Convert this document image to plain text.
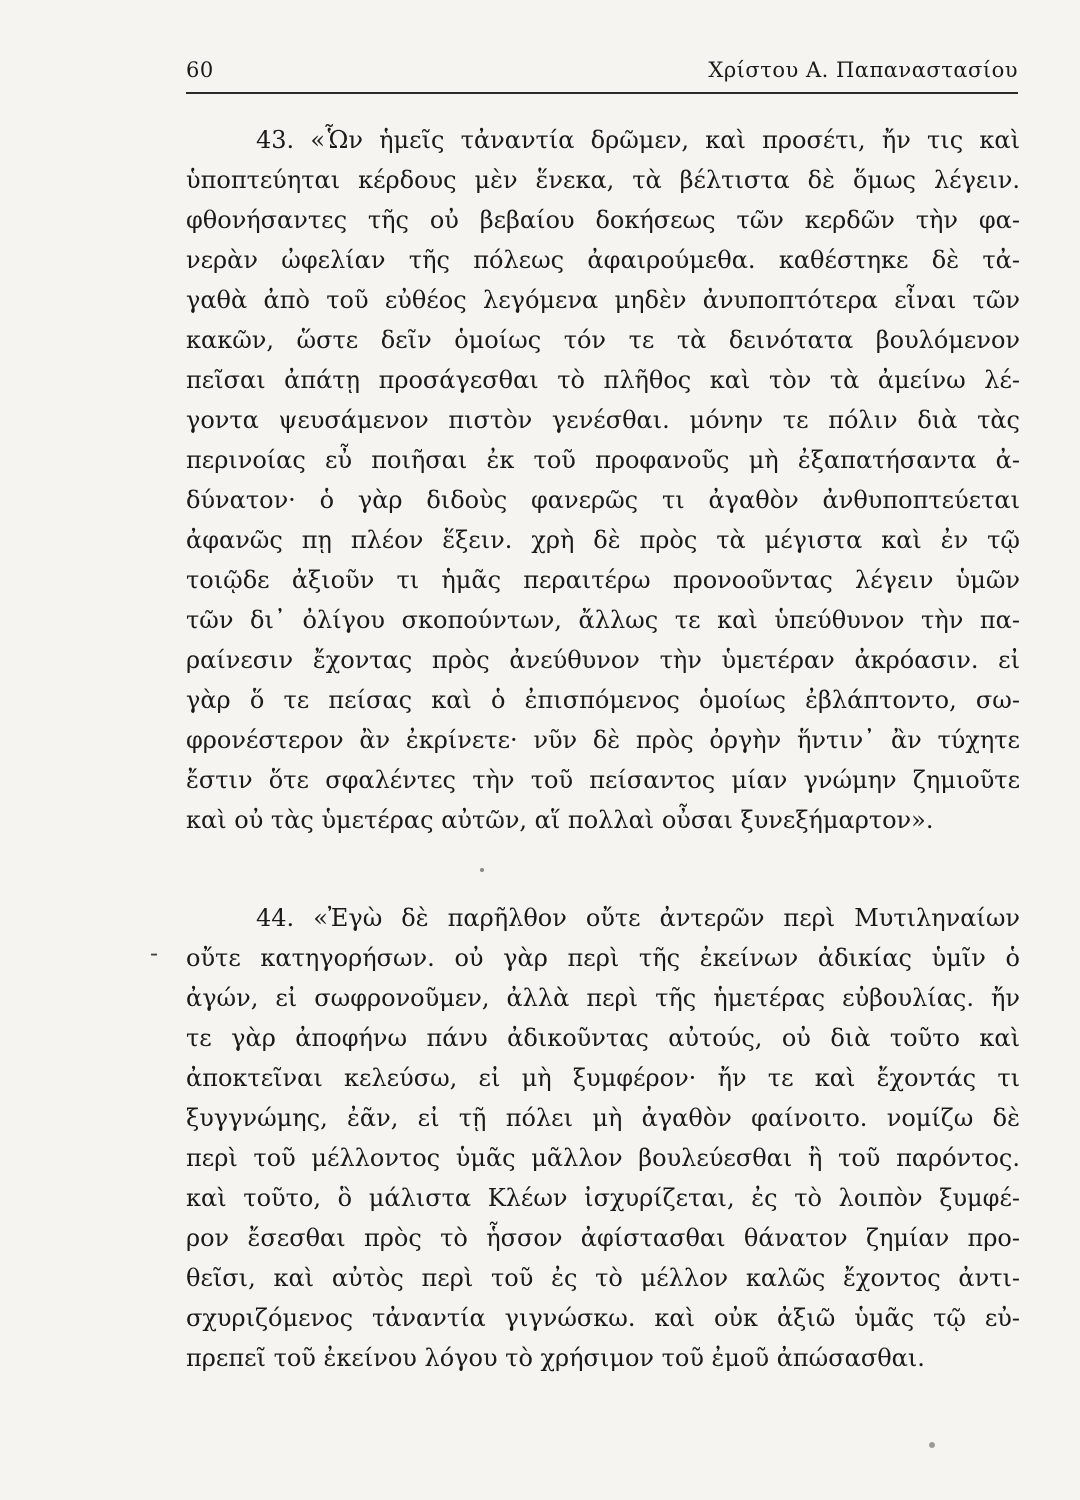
60	Χρίστου Α. Παπαναστασίου
-
43. «Ὧν ἡμεῖς τἀναντία δρῶμεν, καὶ προσέτι, ἤν τις καὶ
ὑποπτεύηται κέρδους μὲν ἕνεκα, τὰ βέλτιστα δὲ ὅμως λέγειν.
φθονήσαντες τῆς οὐ βεβαίου δοκήσεως τῶν κερδῶν τὴν φα-
νερὰν ὠφελίαν τῆς πόλεως ἀφαιρούμεθα. καθέστηκε δὲ τἀ-
γαθὰ ἀπὸ τοῦ εὐθέος λεγόμενα μηδὲν ἀνυποπτότερα εἶναι τῶν
κακῶν, ὥστε δεῖν ὁμοίως τόν τε τὰ δεινότατα βουλόμενον
πεῖσαι ἀπάτῃ προσάγεσθαι τὸ πλῆθος καὶ τὸν τὰ ἀμείνω λέ-
γοντα ψευσάμενον πιστὸν γενέσθαι. μόνην τε πόλιν διὰ τὰς
περινοίας εὖ ποιῆσαι ἐκ τοῦ προφανοῦς μὴ ἐξαπατήσαντα ἀ-
δύνατον· ὁ γὰρ διδοὺς φανερῶς τι ἀγαθὸν ἀνθυποπτεύεται
ἀφανῶς πῃ πλέον ἕξειν. χρὴ δὲ πρὸς τὰ μέγιστα καὶ ἐν τῷ
τοιῷδε ἀξιοῦν τι ἡμᾶς περαιτέρω προνοοῦντας λέγειν ὑμῶν
τῶν δι᾽ ὀλίγου σκοπούντων, ἄλλως τε καὶ ὑπεύθυνον τὴν πα-
ραίνεσιν ἔχοντας πρὸς ἀνεύθυνον τὴν ὑμετέραν ἀκρόασιν. εἰ
γὰρ ὅ τε πείσας καὶ ὁ ἐπισπόμενος ὁμοίως ἐβλάπτοντο, σω-
φρονέστερον ἂν ἐκρίνετε· νῦν δὲ πρὸς ὀργὴν ἥντιν᾽ ἂν τύχητε
ἔστιν ὅτε σφαλέντες τὴν τοῦ πείσαντος μίαν γνώμην ζημιοῦτε
καὶ οὐ τὰς ὑμετέρας αὐτῶν, αἵ πολλαὶ οὖσαι ξυνεξήμαρτον».
44. «Ἐγὼ δὲ παρῆλθον οὔτε ἀντερῶν περὶ Μυτιληναίων
οὔτε κατηγορήσων. οὐ γὰρ περὶ τῆς ἐκείνων ἀδικίας ὑμῖν ὁ
ἀγών, εἰ σωφρονοῦμεν, ἀλλὰ περὶ τῆς ἡμετέρας εὐβουλίας. ἤν
τε γὰρ ἀποφήνω πάνυ ἀδικοῦντας αὐτούς, οὐ διὰ τοῦτο καὶ
ἀποκτεῖναι κελεύσω, εἰ μὴ ξυμφέρον· ἤν τε καὶ ἔχοντάς τι
ξυγγνώμης, ἐᾶν, εἰ τῇ πόλει μὴ ἀγαθὸν φαίνοιτο. νομίζω δὲ
περὶ τοῦ μέλλοντος ὑμᾶς μᾶλλον βουλεύεσθαι ἢ τοῦ παρόντος.
καὶ τοῦτο, ὃ μάλιστα Κλέων ἰσχυρίζεται, ἐς τὸ λοιπὸν ξυμφέ-
ρον ἔσεσθαι πρὸς τὸ ἧσσον ἀφίστασθαι θάνατον ζημίαν προ-
θεῖσι, καὶ αὐτὸς περὶ τοῦ ἐς τὸ μέλλον καλῶς ἔχοντος ἀντι-
σχυριζόμενος τἀναντία γιγνώσκω. καὶ οὐκ ἀξιῶ ὑμᾶς τῷ εὐ-
πρεπεῖ τοῦ ἐκείνου λόγου τὸ χρήσιμον τοῦ ἐμοῦ ἀπώσασθαι.
